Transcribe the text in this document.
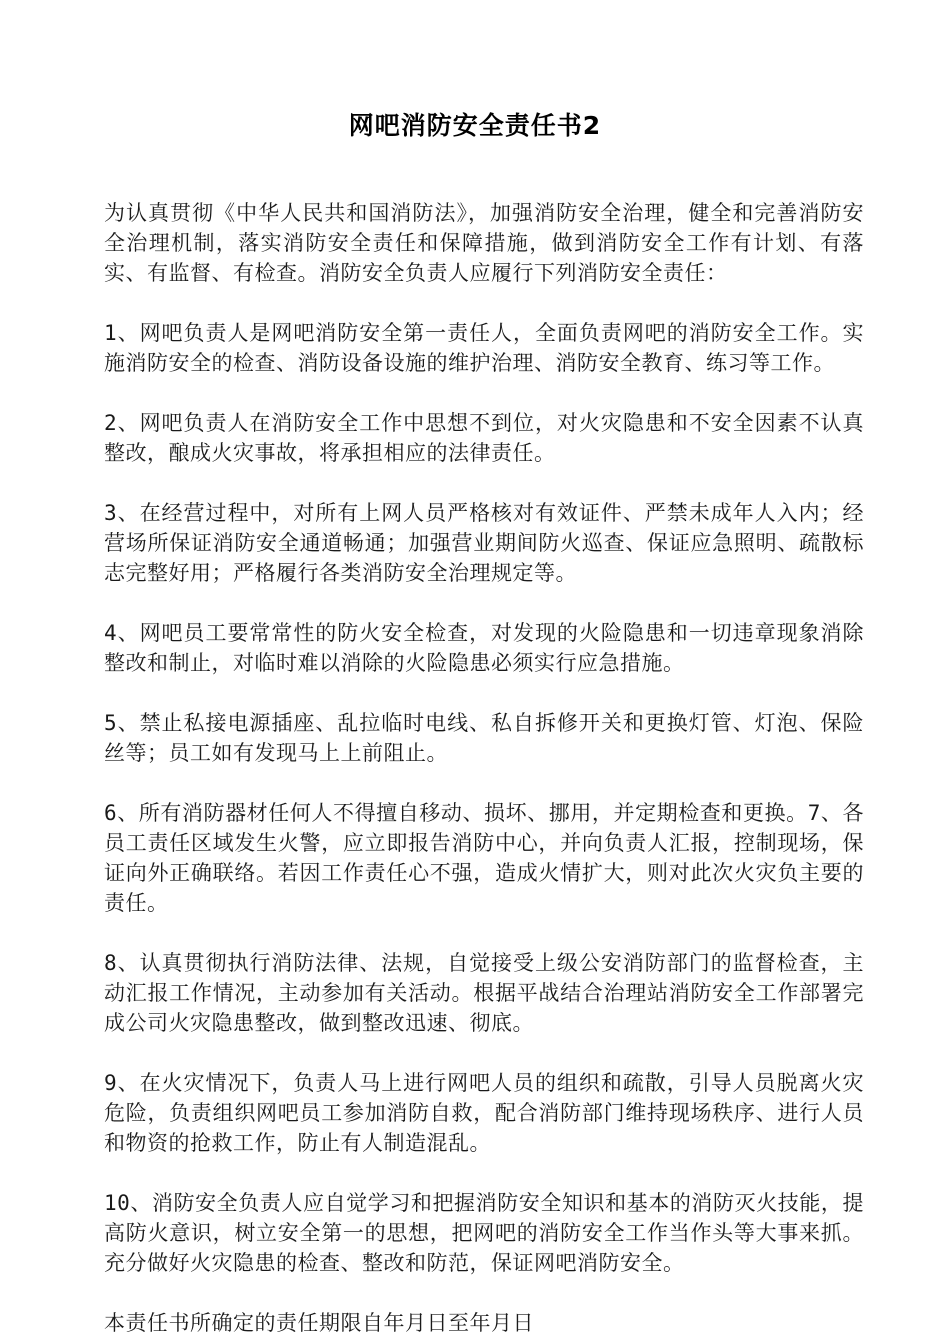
网吧消防安全责任书2

为认真贯彻《中华人民共和国消防法》，加强消防安全治理，健全和完善消防安全治理机制，落实消防安全责任和保障措施，做到消防安全工作有计划、有落实、有监督、有检查。消防安全负责人应履行下列消防安全责任：

1、网吧负责人是网吧消防安全第一责任人，全面负责网吧的消防安全工作。实施消防安全的检查、消防设备设施的维护治理、消防安全教育、练习等工作。

2、网吧负责人在消防安全工作中思想不到位，对火灾隐患和不安全因素不认真整改，酿成火灾事故，将承担相应的法律责任。

3、在经营过程中，对所有上网人员严格核对有效证件、严禁未成年人入内；经营场所保证消防安全通道畅通；加强营业期间防火巡查、保证应急照明、疏散标志完整好用；严格履行各类消防安全治理规定等。

4、网吧员工要常常性的防火安全检查，对发现的火险隐患和一切违章现象消除整改和制止，对临时难以消除的火险隐患必须实行应急措施。

5、禁止私接电源插座、乱拉临时电线、私自拆修开关和更换灯管、灯泡、保险丝等；员工如有发现马上上前阻止。

6、所有消防器材任何人不得擅自移动、损坏、挪用，并定期检查和更换。7、各员工责任区域发生火警，应立即报告消防中心，并向负责人汇报，控制现场，保证向外正确联络。若因工作责任心不强，造成火情扩大，则对此次火灾负主要的责任。

8、认真贯彻执行消防法律、法规，自觉接受上级公安消防部门的监督检查，主动汇报工作情况，主动参加有关活动。根据平战结合治理站消防安全工作部署完成公司火灾隐患整改，做到整改迅速、彻底。

9、在火灾情况下，负责人马上进行网吧人员的组织和疏散，引导人员脱离火灾危险，负责组织网吧员工参加消防自救，配合消防部门维持现场秩序、进行人员和物资的抢救工作，防止有人制造混乱。

10、消防安全负责人应自觉学习和把握消防安全知识和基本的消防灭火技能，提高防火意识，树立安全第一的思想，把网吧的消防安全工作当作头等大事来抓。充分做好火灾隐患的检查、整改和防范，保证网吧消防安全。

本责任书所确定的责任期限自年月日至年月日
